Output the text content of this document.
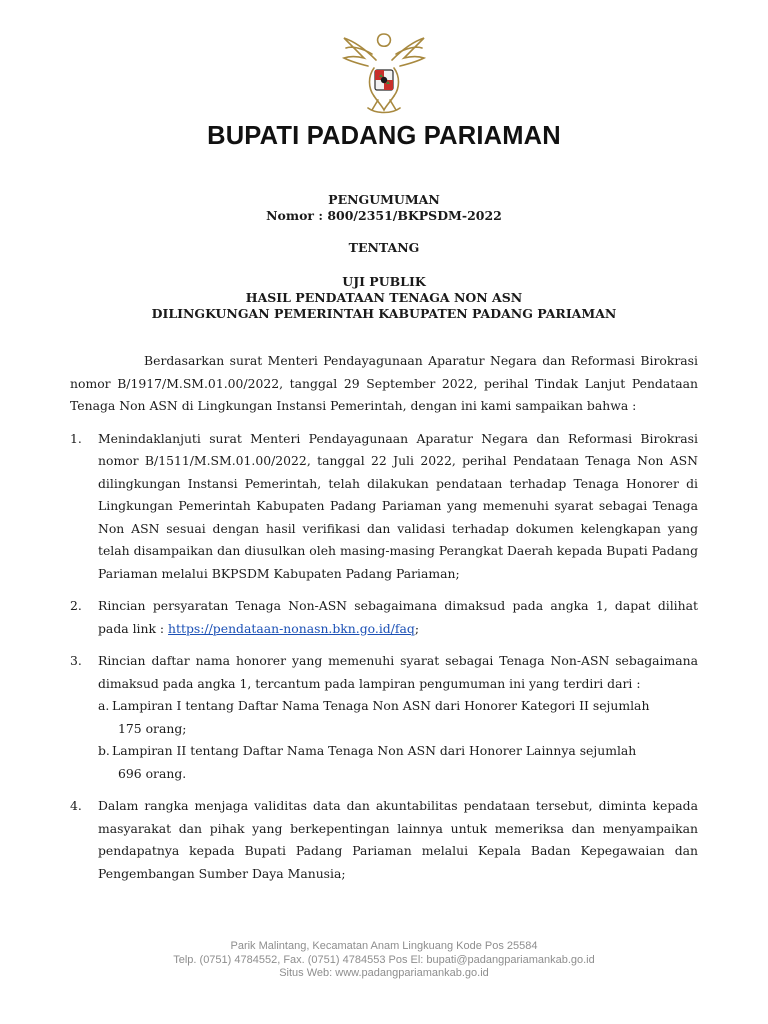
BUPATI PADANG PARIAMAN
PENGUMUMAN
Nomor : 800/2351/BKPSDM-2022
TENTANG
UJI PUBLIK
HASIL PENDATAAN TENAGA NON ASN
DILINGKUNGAN PEMERINTAH KABUPATEN PADANG PARIAMAN

Berdasarkan surat Menteri Pendayagunaan Aparatur Negara dan Reformasi Birokrasi nomor B/1917/M.SM.01.00/2022, tanggal 29 September 2022, perihal Tindak Lanjut Pendataan Tenaga Non ASN di Lingkungan Instansi Pemerintah, dengan ini kami sampaikan bahwa :

1. Menindaklanjuti surat Menteri Pendayagunaan Aparatur Negara dan Reformasi Birokrasi nomor B/1511/M.SM.01.00/2022, tanggal 22 Juli 2022, perihal Pendataan Tenaga Non ASN dilingkungan Instansi Pemerintah, telah dilakukan pendataan terhadap Tenaga Honorer di Lingkungan Pemerintah Kabupaten Padang Pariaman yang memenuhi syarat sebagai Tenaga Non ASN sesuai dengan hasil verifikasi dan validasi terhadap dokumen kelengkapan yang telah disampaikan dan diusulkan oleh masing-masing Perangkat Daerah kepada Bupati Padang Pariaman melalui BKPSDM Kabupaten Padang Pariaman;
2. Rincian persyaratan Tenaga Non-ASN sebagaimana dimaksud pada angka 1, dapat dilihat pada link : https://pendataan-nonasn.bkn.go.id/faq;
3. Rincian daftar nama honorer yang memenuhi syarat sebagai Tenaga Non-ASN sebagaimana dimaksud pada angka 1, tercantum pada lampiran pengumuman ini yang terdiri dari :
a. Lampiran I tentang Daftar Nama Tenaga Non ASN dari Honorer Kategori II sejumlah
175 orang;
b. Lampiran II tentang Daftar Nama Tenaga Non ASN dari Honorer Lainnya sejumlah
696 orang.
4. Dalam rangka menjaga validitas data dan akuntabilitas pendataan tersebut, diminta kepada masyarakat dan pihak yang berkepentingan lainnya untuk memeriksa dan menyampaikan pendapatnya kepada Bupati Padang Pariaman melalui Kepala Badan Kepegawaian dan Pengembangan Sumber Daya Manusia;
Parik Malintang, Kecamatan Anam Lingkuang Kode Pos 25584
Telp. (0751) 4784552, Fax. (0751) 4784553 Pos El: bupati@padangpariamankab.go.id
Situs Web: www.padangpariamankab.go.id
